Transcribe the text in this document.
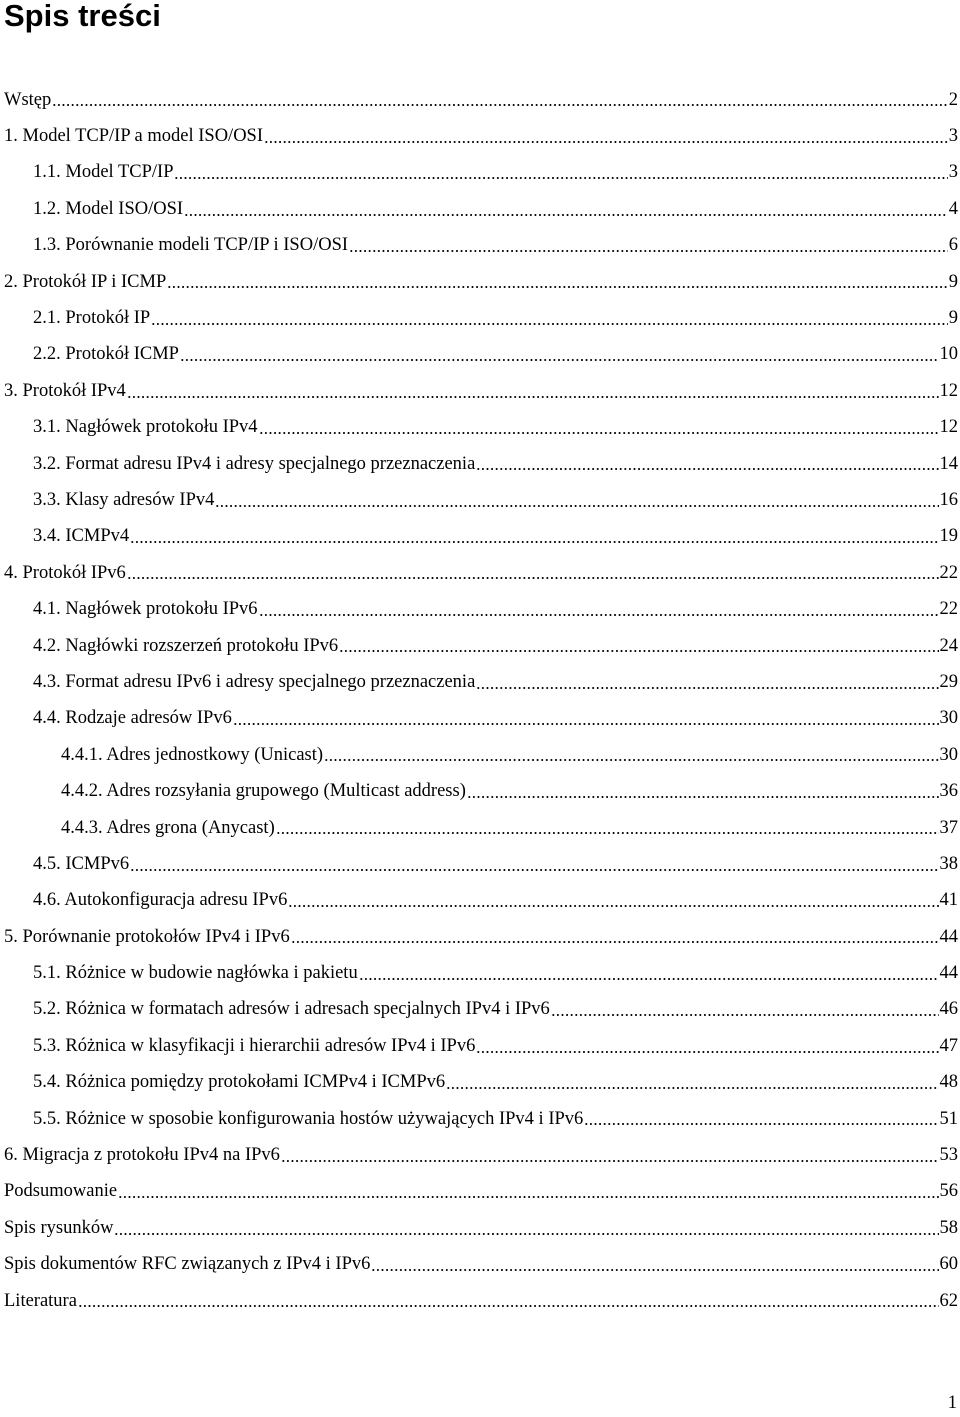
Spis treści
Wstęp	2
1. Model TCP/IP a model ISO/OSI	3
1.1. Model TCP/IP	3
1.2. Model ISO/OSI	4
1.3. Porównanie modeli TCP/IP i ISO/OSI	6
2. Protokół IP i ICMP	9
2.1. Protokół IP	9
2.2. Protokół ICMP	10
3. Protokół IPv4	12
3.1. Nagłówek protokołu IPv4	12
3.2. Format adresu IPv4 i adresy specjalnego przeznaczenia	14
3.3. Klasy adresów IPv4	16
3.4. ICMPv4	19
4. Protokół IPv6	22
4.1. Nagłówek protokołu IPv6	22
4.2. Nagłówki rozszerzeń protokołu IPv6	24
4.3. Format adresu IPv6 i adresy specjalnego przeznaczenia	29
4.4. Rodzaje adresów IPv6	30
4.4.1. Adres jednostkowy (Unicast)	30
4.4.2. Adres rozsyłania grupowego (Multicast address)	36
4.4.3. Adres grona (Anycast)	37
4.5. ICMPv6	38
4.6. Autokonfiguracja adresu IPv6	41
5. Porównanie protokołów IPv4 i IPv6	44
5.1. Różnice w budowie nagłówka i pakietu	44
5.2. Różnica w formatach adresów i adresach specjalnych IPv4 i IPv6	46
5.3. Różnica w klasyfikacji i hierarchii adresów IPv4 i IPv6	47
5.4. Różnica pomiędzy protokołami ICMPv4 i ICMPv6	48
5.5. Różnice w sposobie konfigurowania hostów używających IPv4 i IPv6	51
6. Migracja z protokołu IPv4 na IPv6	53
Podsumowanie	56
Spis rysunków	58
Spis dokumentów RFC związanych z IPv4 i IPv6	60
Literatura	62
1
